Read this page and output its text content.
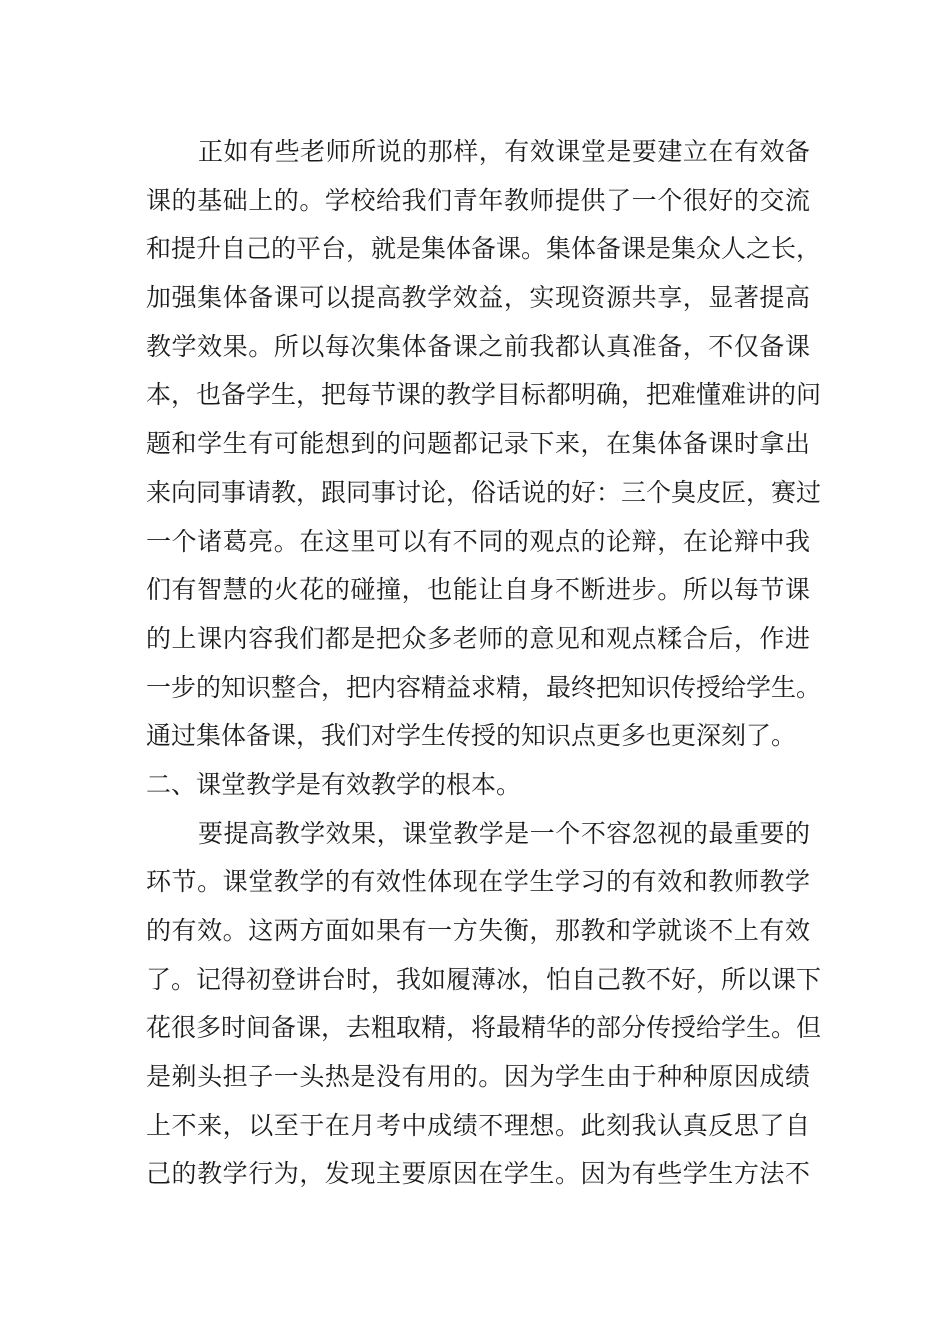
正如有些老师所说的那样，有效课堂是要建立在有效备
课的基础上的。学校给我们青年教师提供了一个很好的交流
和提升自己的平台，就是集体备课。集体备课是集众人之长，
加强集体备课可以提高教学效益，实现资源共享，显著提高
教学效果。所以每次集体备课之前我都认真准备，不仅备课
本，也备学生，把每节课的教学目标都明确，把难懂难讲的问
题和学生有可能想到的问题都记录下来，在集体备课时拿出
来向同事请教，跟同事讨论，俗话说的好：三个臭皮匠，赛过
一个诸葛亮。在这里可以有不同的观点的论辩，在论辩中我
们有智慧的火花的碰撞，也能让自身不断进步。所以每节课
的上课内容我们都是把众多老师的意见和观点糅合后，作进
一步的知识整合，把内容精益求精，最终把知识传授给学生。
通过集体备课，我们对学生传授的知识点更多也更深刻了。
二、课堂教学是有效教学的根本。
要提高教学效果，课堂教学是一个不容忽视的最重要的
环节。课堂教学的有效性体现在学生学习的有效和教师教学
的有效。这两方面如果有一方失衡，那教和学就谈不上有效
了。记得初登讲台时，我如履薄冰，怕自己教不好，所以课下
花很多时间备课，去粗取精，将最精华的部分传授给学生。但
是剃头担子一头热是没有用的。因为学生由于种种原因成绩
上不来，以至于在月考中成绩不理想。此刻我认真反思了自
己的教学行为，发现主要原因在学生。因为有些学生方法不
